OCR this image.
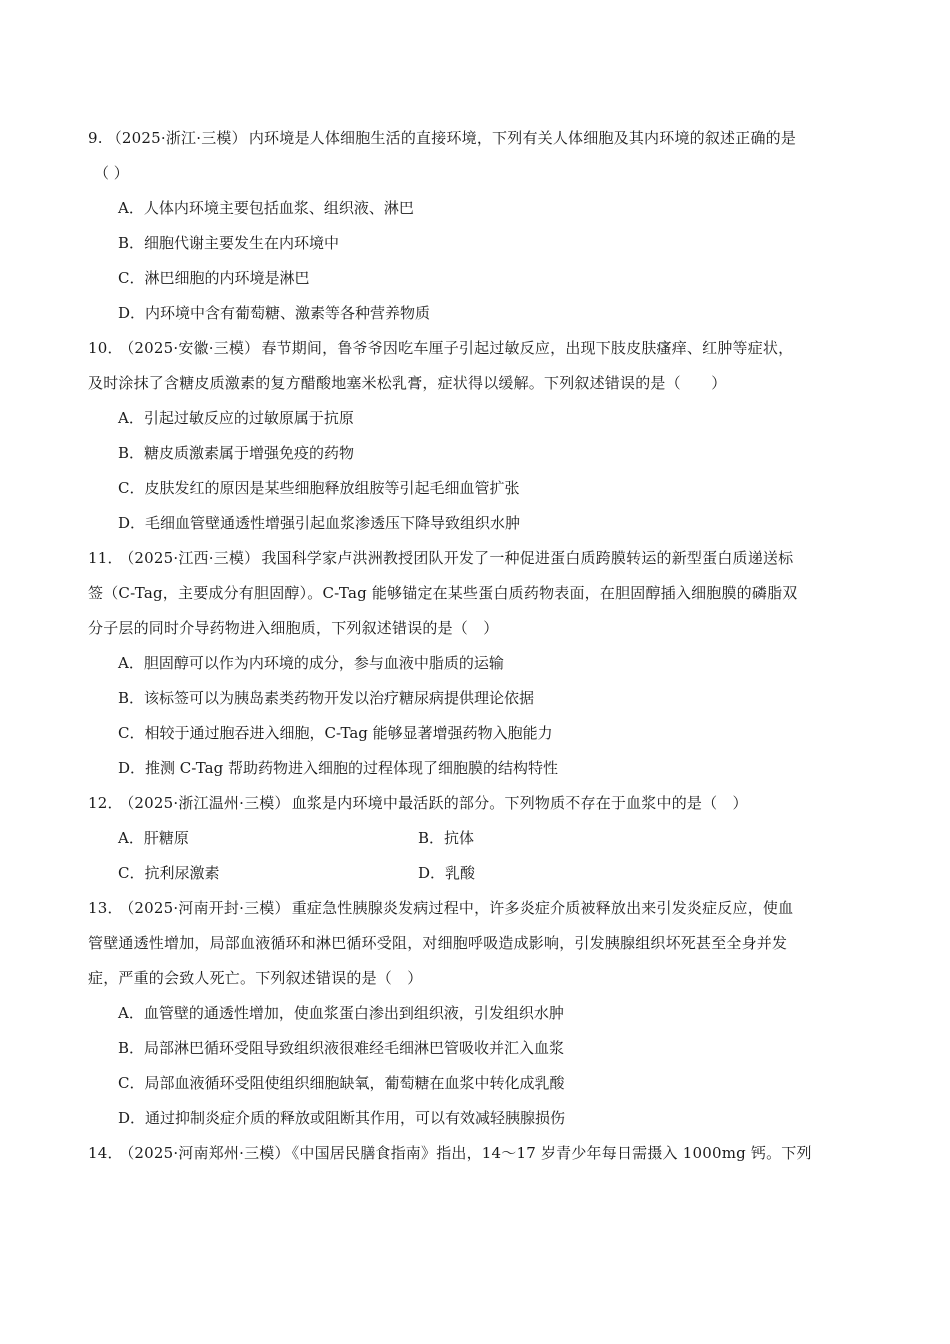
9. （2025·浙江·三模） 内环境是人体细胞生活的直接环境，下列有关人体细胞及其内环境的叙述正确的是
（ ）
A．人体内环境主要包括血浆、组织液、淋巴
B．细胞代谢主要发生在内环境中
C．淋巴细胞的内环境是淋巴
D．内环境中含有葡萄糖、激素等各种营养物质
10． （2025·安徽·三模） 春节期间，鲁爷爷因吃车厘子引起过敏反应，出现下肢皮肤瘙痒、红肿等症状，
及时涂抹了含糖皮质激素的复方醋酸地塞米松乳膏，症状得以缓解。下列叙述错误的是（　　）
A．引起过敏反应的过敏原属于抗原
B．糖皮质激素属于增强免疫的药物
C．皮肤发红的原因是某些细胞释放组胺等引起毛细血管扩张
D．毛细血管壁通透性增强引起血浆渗透压下降导致组织水肿
11． （2025·江西·三模） 我国科学家卢洪洲教授团队开发了一种促进蛋白质跨膜转运的新型蛋白质递送标
签（C-Tag，主要成分有胆固醇）。C-Tag 能够锚定在某些蛋白质药物表面，在胆固醇插入细胞膜的磷脂双
分子层的同时介导药物进入细胞质，下列叙述错误的是（　）
A．胆固醇可以作为内环境的成分，参与血液中脂质的运输
B．该标签可以为胰岛素类药物开发以治疗糖尿病提供理论依据
C．相较于通过胞吞进入细胞，C-Tag 能够显著增强药物入胞能力
D．推测 C-Tag 帮助药物进入细胞的过程体现了细胞膜的结构特性
12． （2025·浙江温州·三模） 血浆是内环境中最活跃的部分。下列物质不存在于血浆中的是（　）
A．肝糖原	B．抗体
C．抗利尿激素	D．乳酸
13． （2025·河南开封·三模） 重症急性胰腺炎发病过程中，许多炎症介质被释放出来引发炎症反应，使血
管壁通透性增加，局部血液循环和淋巴循环受阻，对细胞呼吸造成影响，引发胰腺组织坏死甚至全身并发
症，严重的会致人死亡。下列叙述错误的是（　）
A．血管壁的通透性增加，使血浆蛋白渗出到组织液，引发组织水肿
B．局部淋巴循环受阻导致组织液很难经毛细淋巴管吸收并汇入血浆
C．局部血液循环受阻使组织细胞缺氧，葡萄糖在血浆中转化成乳酸
D．通过抑制炎症介质的释放或阻断其作用，可以有效减轻胰腺损伤
14． （2025·河南郑州·三模） 《中国居民膳食指南》指出，14～17 岁青少年每日需摄入 1000mg 钙。下列
